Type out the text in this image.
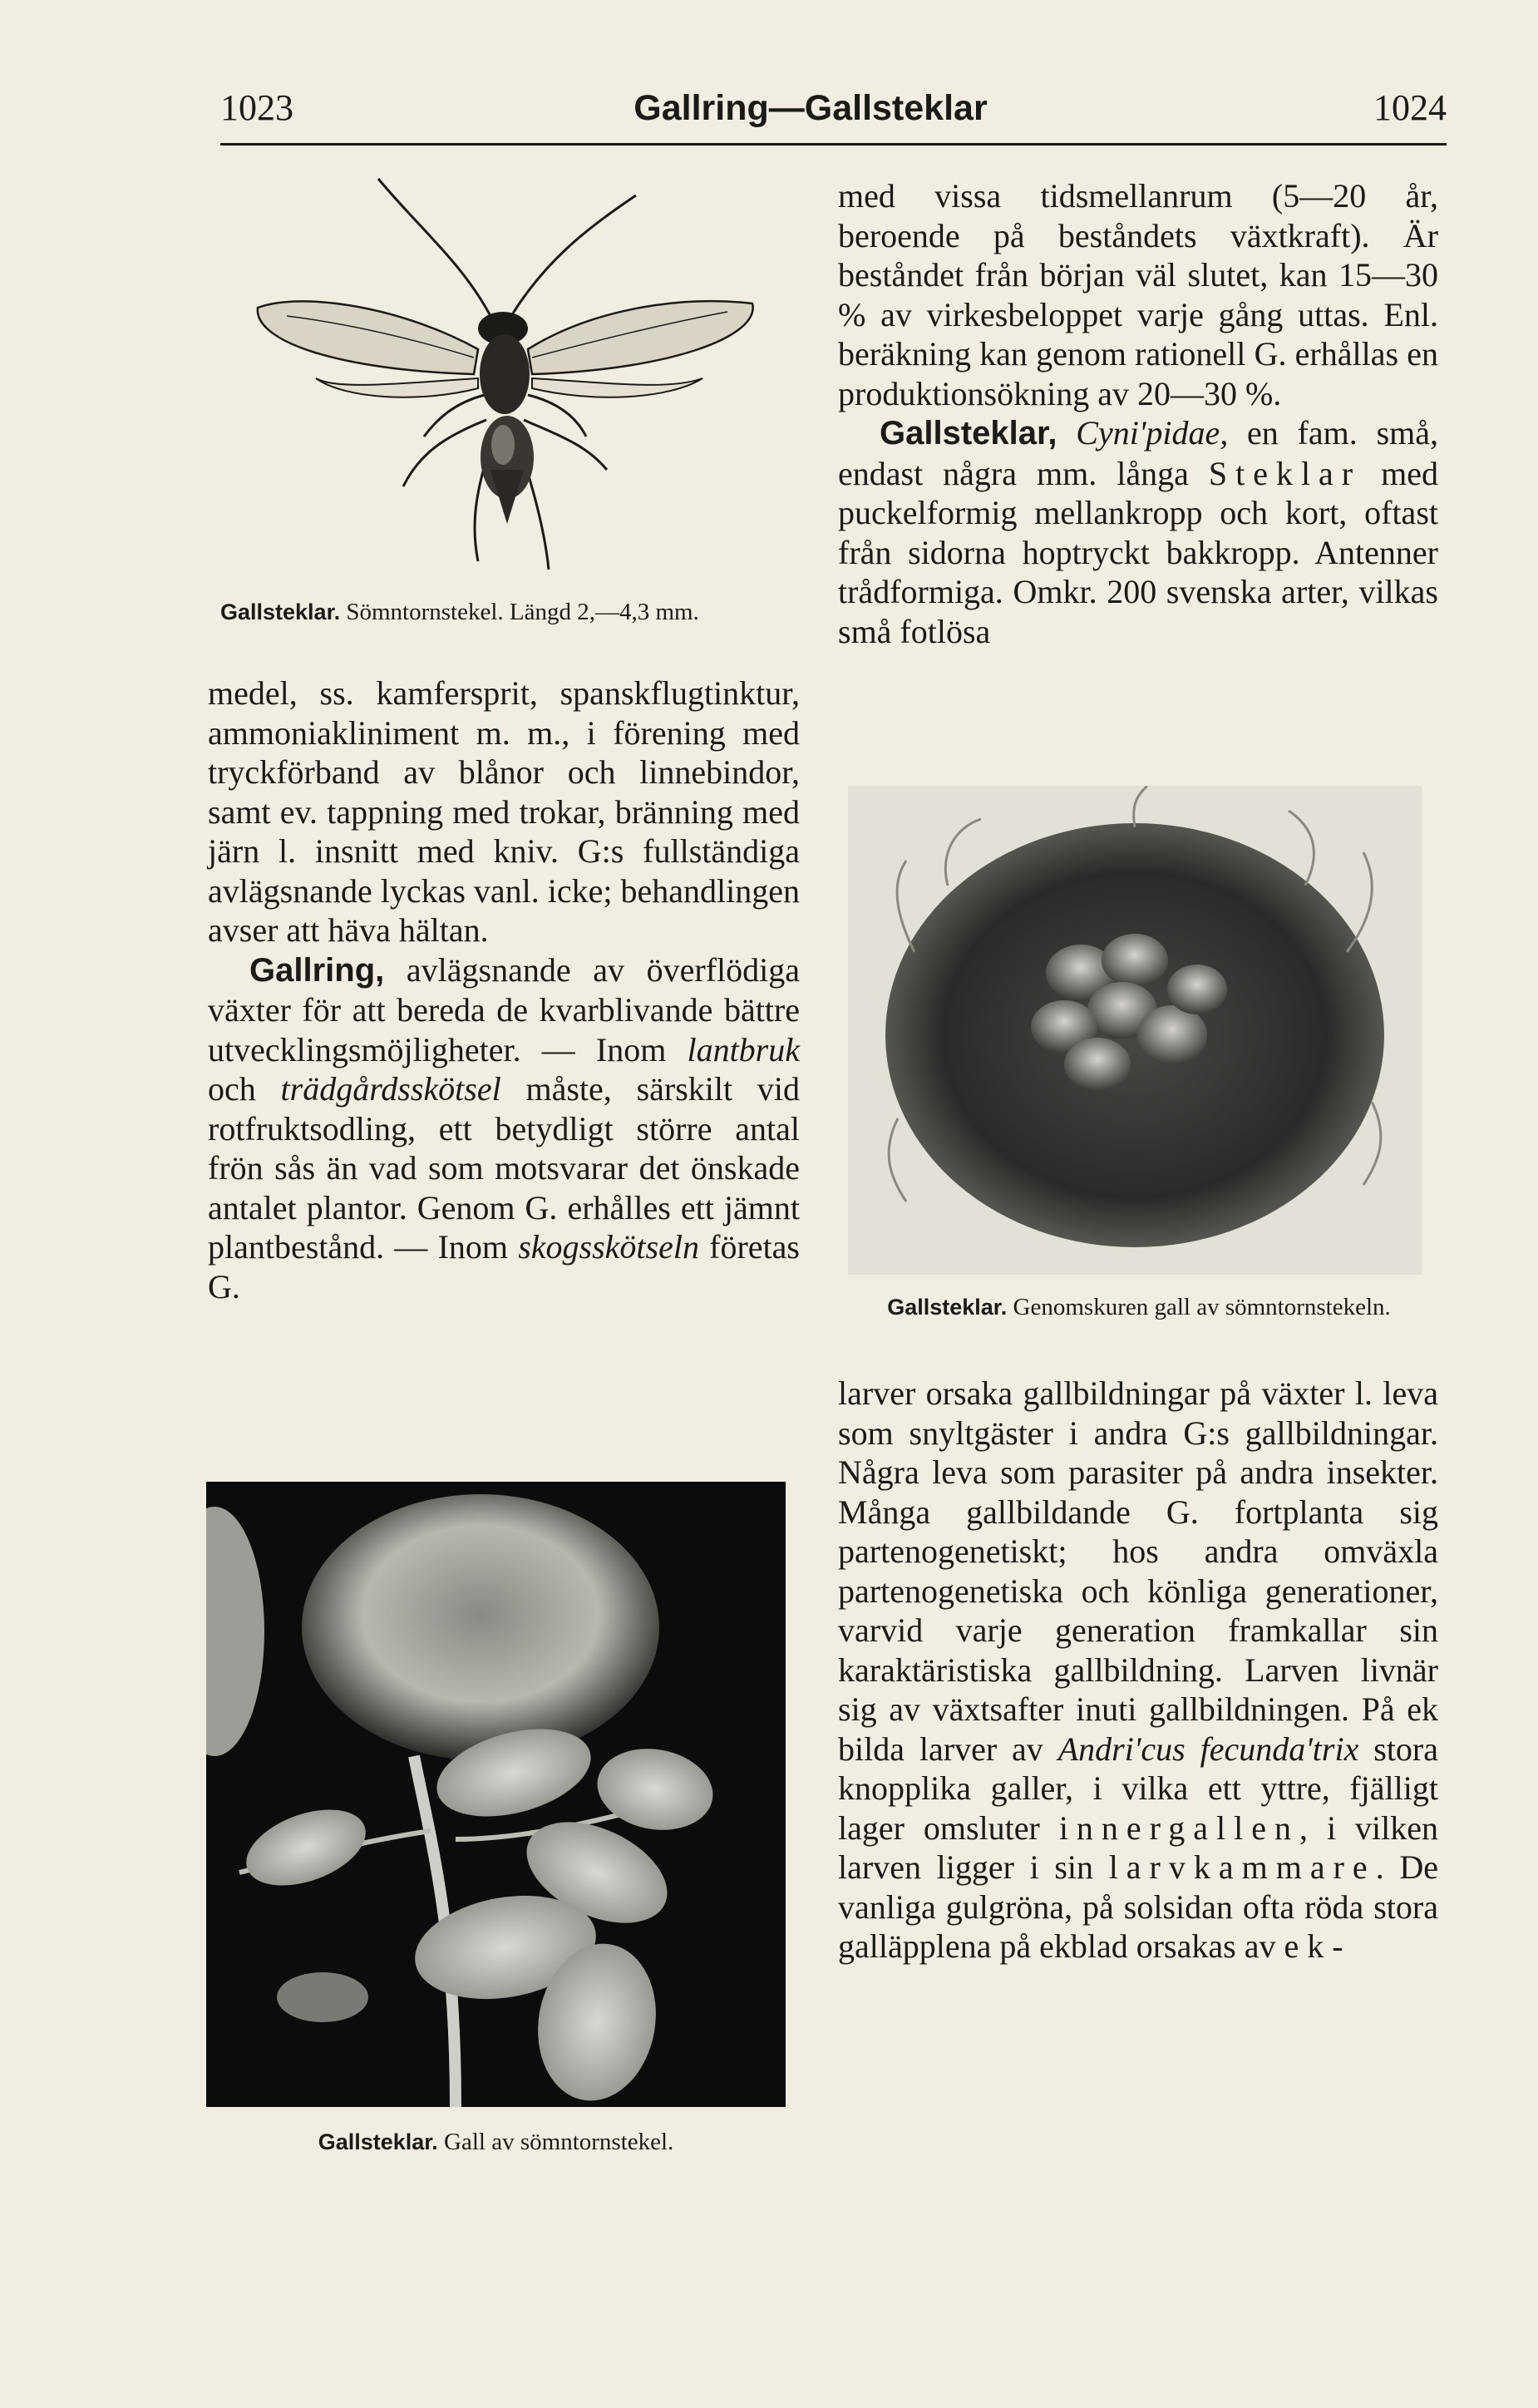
1023	Gallring—Gallsteklar	1024
Gallsteklar. Sömntornstekel. Längd 2,—4,3 mm.

medel, ss. kamfersprit, spanskflugtinktur, ammoniakliniment m. m., i förening med tryckförband av blånor och linnebindor, samt ev. tappning med trokar, bränning med järn l. insnitt med kniv. G:s fullständiga avlägsnande lyckas vanl. icke; behandlingen avser att häva hältan.

Gallring, avlägsnande av överflödiga växter för att bereda de kvarblivande bättre utvecklingsmöjligheter. — Inom lantbruk och trädgårdsskötsel måste, särskilt vid rotfruktsodling, ett betydligt större antal frön sås än vad som motsvarar det önskade antalet plantor. Genom G. erhålles ett jämnt plantbestånd. — Inom skogsskötseln företas G.

Gallsteklar. Gall av sömntornstekel.

med vissa tidsmellanrum (5—20 år, beroende på beståndets växtkraft). Är beståndet från början väl slutet, kan 15—30 % av virkesbeloppet varje gång uttas. Enl. beräkning kan genom rationell G. erhållas en produktionsökning av 20—30 %.

Gallsteklar, Cyni'pidae, en fam. små, endast några mm. långa Steklar med puckelformig mellankropp och kort, oftast från sidorna hoptryckt bakkropp. Antenner trådformiga. Omkr. 200 svenska arter, vilkas små fotlösa

Gallsteklar. Genomskuren gall av sömntornstekeln.

larver orsaka gallbildningar på växter l. leva som snyltgäster i andra G:s gallbildningar. Några leva som parasiter på andra insekter. Många gallbildande G. fortplanta sig partenogenetiskt; hos andra omväxla partenogenetiska och könliga generationer, varvid varje generation framkallar sin karaktäristiska gallbildning. Larven livnär sig av växtsafter inuti gallbildningen. På ek bilda larver av Andri'cus fecunda'trix stora knopplika galler, i vilka ett yttre, fjälligt lager omsluter innergallen, i vilken larven ligger i sin larvkammare. De vanliga gulgröna, på solsidan ofta röda stora galläpplena på ekblad orsakas av ek-
